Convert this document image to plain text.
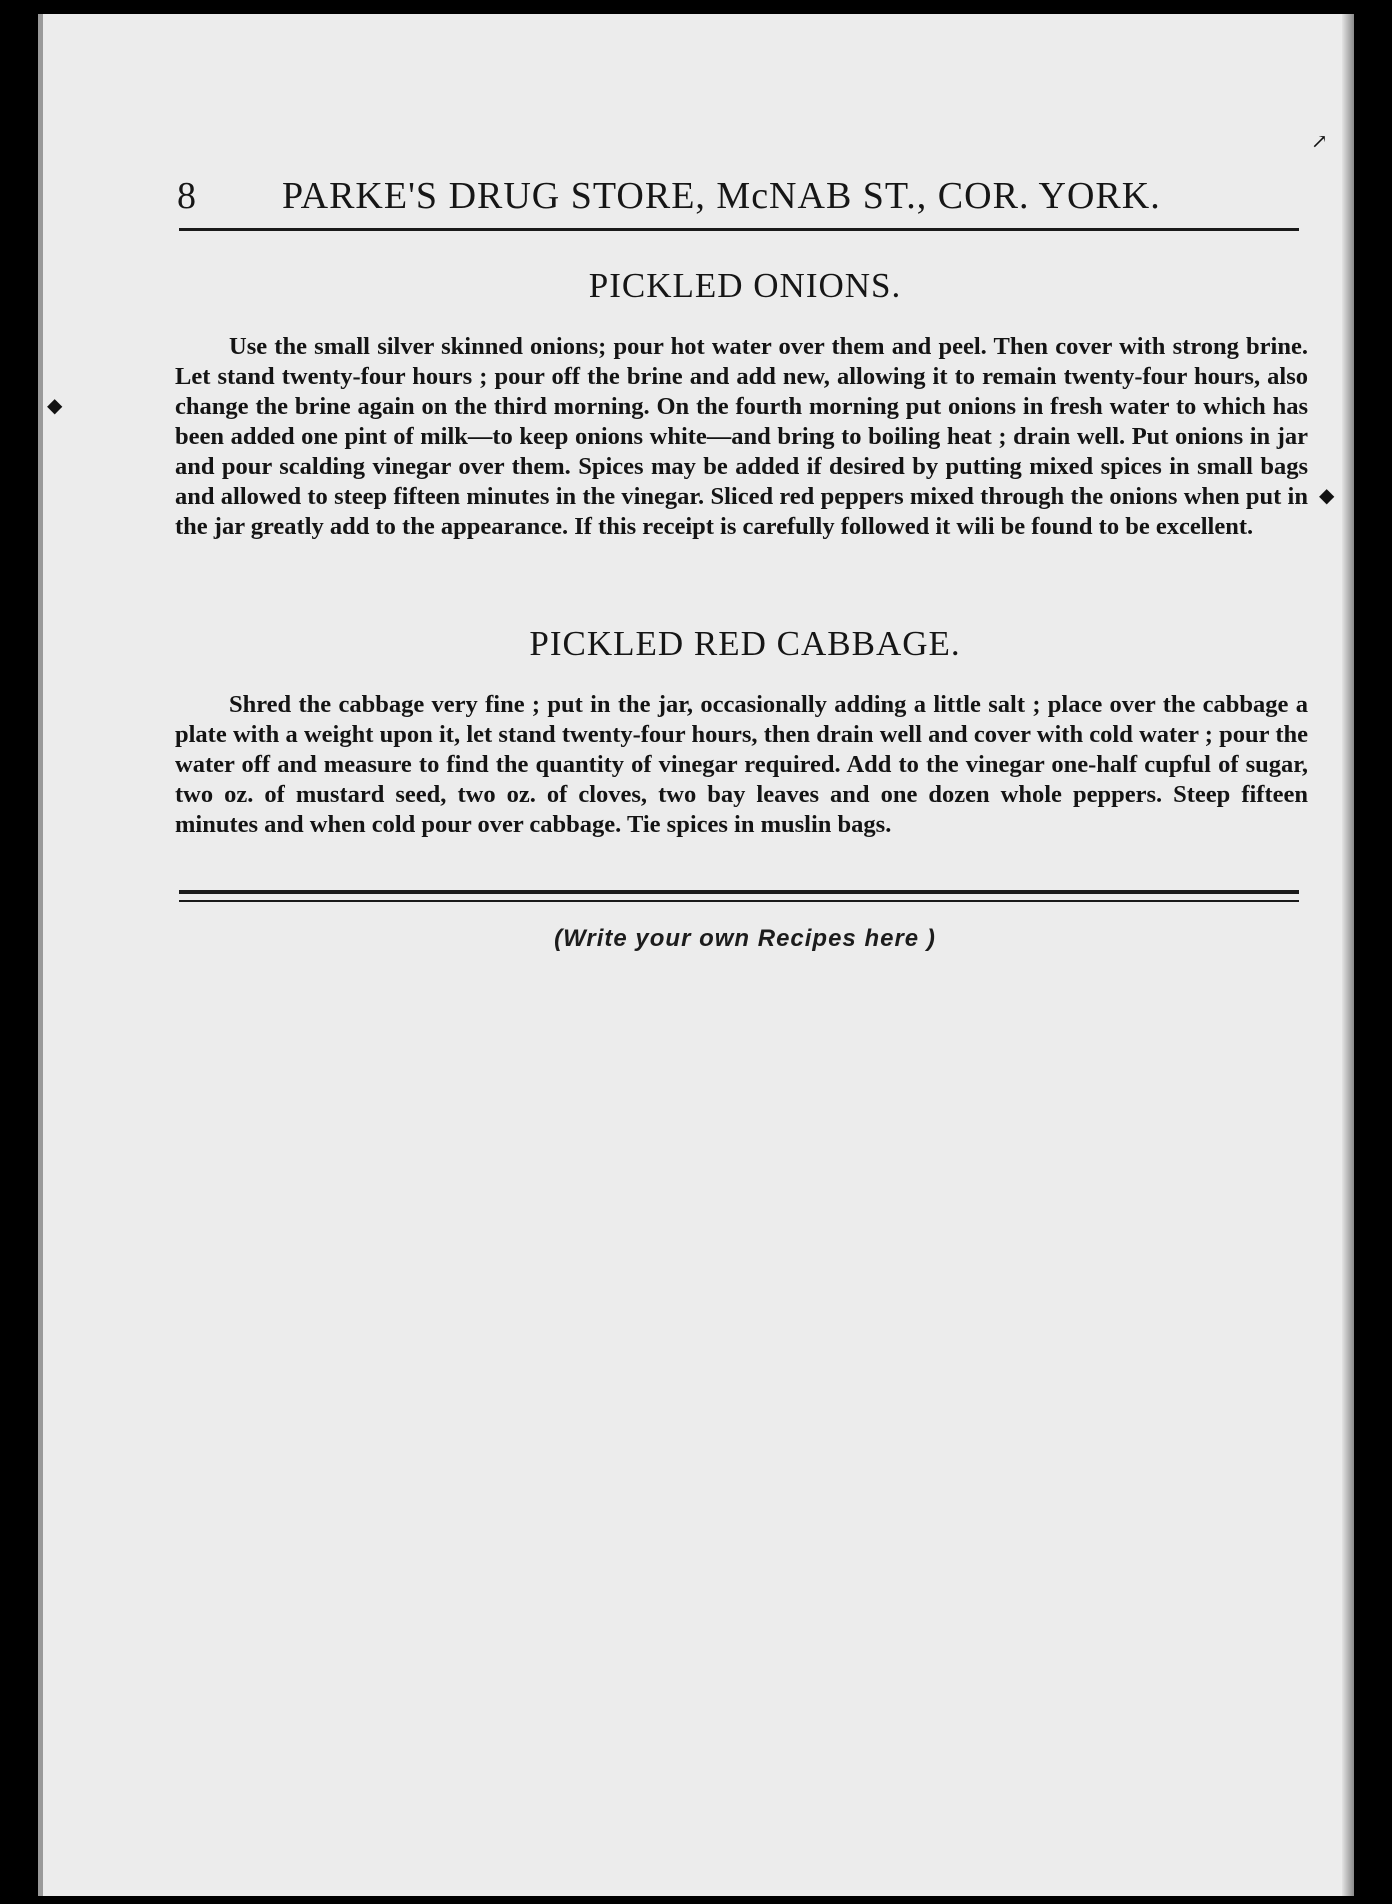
↗
◆
◆
8 PARKE'S DRUG STORE, McNAB ST., COR. YORK.
PICKLED ONIONS.
Use the small silver skinned onions; pour hot water over them and peel. Then cover with strong brine. Let stand twenty-four hours ; pour off the brine and add new, allowing it to remain twenty-four hours, also change the brine again on the third morning. On the fourth morning put onions in fresh water to which has been added one pint of milk—to keep onions white—and bring to boiling heat ; drain well. Put onions in jar and pour scalding vinegar over them. Spices may be added if desired by putting mixed spices in small bags and allowed to steep fifteen minutes in the vinegar. Sliced red peppers mixed through the onions when put in the jar greatly add to the appearance. If this receipt is carefully followed it wili be found to be excellent.
PICKLED RED CABBAGE.
Shred the cabbage very fine ; put in the jar, occasionally adding a little salt ; place over the cabbage a plate with a weight upon it, let stand twenty-four hours, then drain well and cover with cold water ; pour the water off and measure to find the quantity of vinegar required. Add to the vinegar one-half cupful of sugar, two oz. of mustard seed, two oz. of cloves, two bay leaves and one dozen whole peppers. Steep fifteen minutes and when cold pour over cabbage. Tie spices in muslin bags.
(Write your own Recipes here )
